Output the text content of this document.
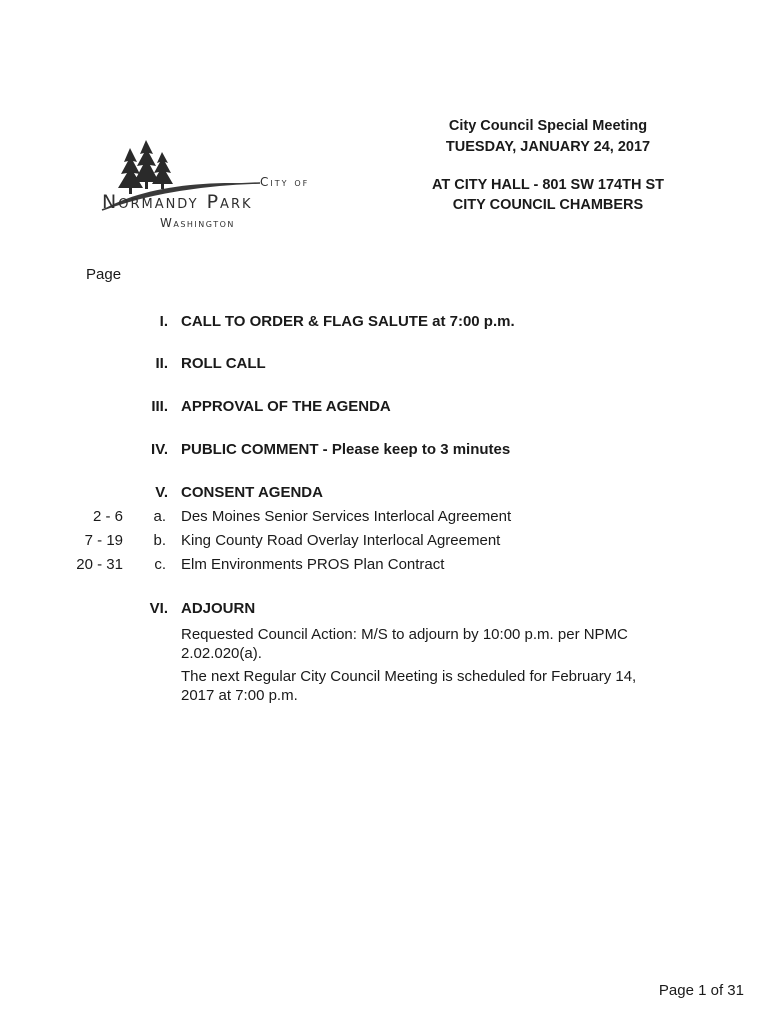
City Council Special Meeting
TUESDAY, JANUARY 24, 2017
AT CITY HALL - 801 SW 174TH ST
CITY COUNCIL CHAMBERS
City of
Normandy Park
Washington
Page
I. CALL TO ORDER & FLAG SALUTE at 7:00 p.m.
II. ROLL CALL
III. APPROVAL OF THE AGENDA
IV. PUBLIC COMMENT - Please keep to 3 minutes
V. CONSENT AGENDA
2 - 6	a. Des Moines Senior Services Interlocal Agreement
7 - 19	b. King County Road Overlay Interlocal Agreement
20 - 31	c. Elm Environments PROS Plan Contract
VI. ADJOURN
Requested Council Action: M/S to adjourn by 10:00 p.m. per NPMC 2.02.020(a).
The next Regular City Council Meeting is scheduled for February 14, 2017 at 7:00 p.m.
Page 1 of 31
